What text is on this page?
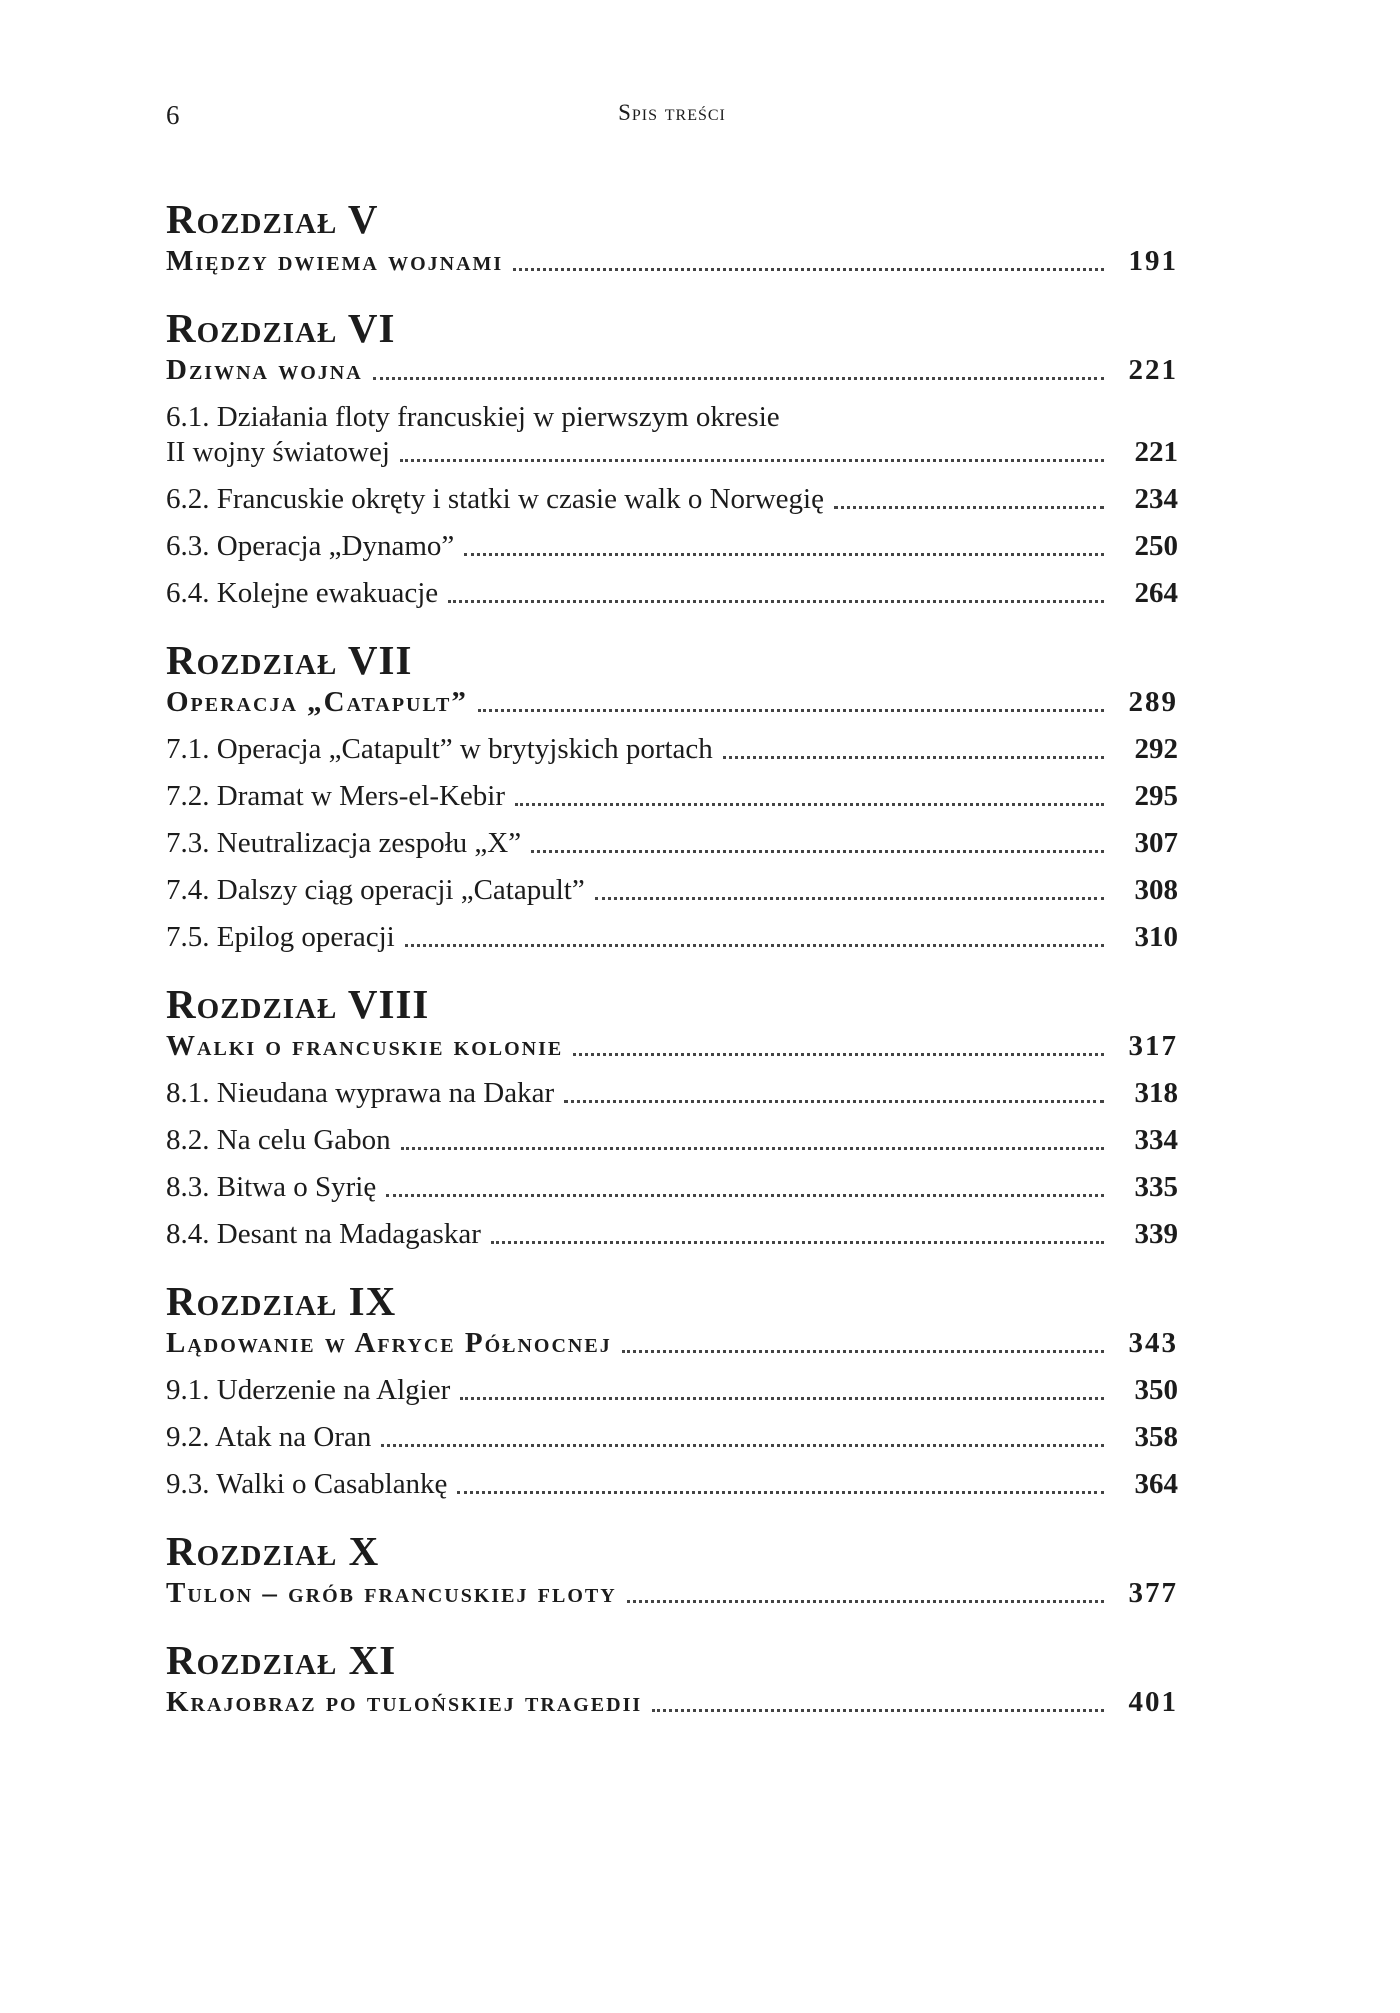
6	Spis treści
Rozdział V
Między dwiema wojnami	191
Rozdział VI
Dziwna wojna	221
6.1. Działania floty francuskiej w pierwszym okresie
II wojny światowej	221
6.2. Francuskie okręty i statki w czasie walk o Norwegię	234
6.3. Operacja „Dynamo”	250
6.4. Kolejne ewakuacje	264
Rozdział VII
Operacja „Catapult”	289
7.1. Operacja „Catapult” w brytyjskich portach	292
7.2. Dramat w Mers-el-Kebir	295
7.3. Neutralizacja zespołu „X”	307
7.4. Dalszy ciąg operacji „Catapult”	308
7.5. Epilog operacji	310
Rozdział VIII
Walki o francuskie kolonie	317
8.1. Nieudana wyprawa na Dakar	318
8.2. Na celu Gabon	334
8.3. Bitwa o Syrię	335
8.4. Desant na Madagaskar	339
Rozdział IX
Lądowanie w Afryce Północnej	343
9.1. Uderzenie na Algier	350
9.2. Atak na Oran	358
9.3. Walki o Casablankę	364
Rozdział X
Tulon – grób francuskiej floty	377
Rozdział XI
Krajobraz po tulońskiej tragedii	401
